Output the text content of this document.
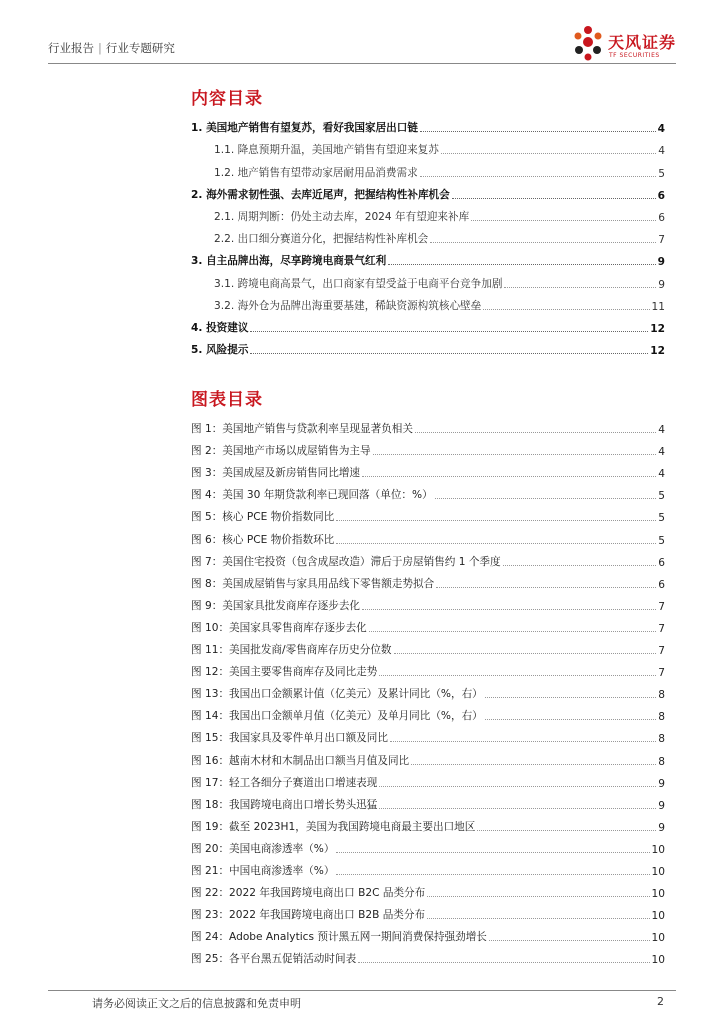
行业报告 | 行业专题研究	天风证券
TF SECURITIES
内容目录
1. 美国地产销售有望复苏，看好我国家居出口链	4
1.1. 降息预期升温，美国地产销售有望迎来复苏	4
1.2. 地产销售有望带动家居耐用品消费需求	5
2. 海外需求韧性强、去库近尾声，把握结构性补库机会	6
2.1. 周期判断：仍处主动去库，2024 年有望迎来补库	6
2.2. 出口细分赛道分化，把握结构性补库机会	7
3. 自主品牌出海，尽享跨境电商景气红利	9
3.1. 跨境电商高景气，出口商家有望受益于电商平台竞争加剧	9
3.2. 海外仓为品牌出海重要基建，稀缺资源构筑核心壁垒	11
4. 投资建议	12
5. 风险提示	12
图表目录
图 1：美国地产销售与贷款利率呈现显著负相关	4
图 2：美国地产市场以成屋销售为主导	4
图 3：美国成屋及新房销售同比增速	4
图 4：美国 30 年期贷款利率已现回落（单位：%）	5
图 5：核心 PCE 物价指数同比	5
图 6：核心 PCE 物价指数环比	5
图 7：美国住宅投资（包含成屋改造）滞后于房屋销售约 1 个季度	6
图 8：美国成屋销售与家具用品线下零售额走势拟合	6
图 9：美国家具批发商库存逐步去化	7
图 10：美国家具零售商库存逐步去化	7
图 11：美国批发商/零售商库存历史分位数	7
图 12：美国主要零售商库存及同比走势	7
图 13：我国出口金额累计值（亿美元）及累计同比（%，右）	8
图 14：我国出口金额单月值（亿美元）及单月同比（%，右）	8
图 15：我国家具及零件单月出口额及同比	8
图 16：越南木材和木制品出口额当月值及同比	8
图 17：轻工各细分子赛道出口增速表现	9
图 18：我国跨境电商出口增长势头迅猛	9
图 19：截至 2023H1，美国为我国跨境电商最主要出口地区	9
图 20：美国电商渗透率（%）	10
图 21：中国电商渗透率（%）	10
图 22：2022 年我国跨境电商出口 B2C 品类分布	10
图 23：2022 年我国跨境电商出口 B2B 品类分布	10
图 24：Adobe Analytics 预计黑五网一期间消费保持强劲增长	10
图 25：各平台黑五促销活动时间表	10
请务必阅读正文之后的信息披露和免责申明	2
